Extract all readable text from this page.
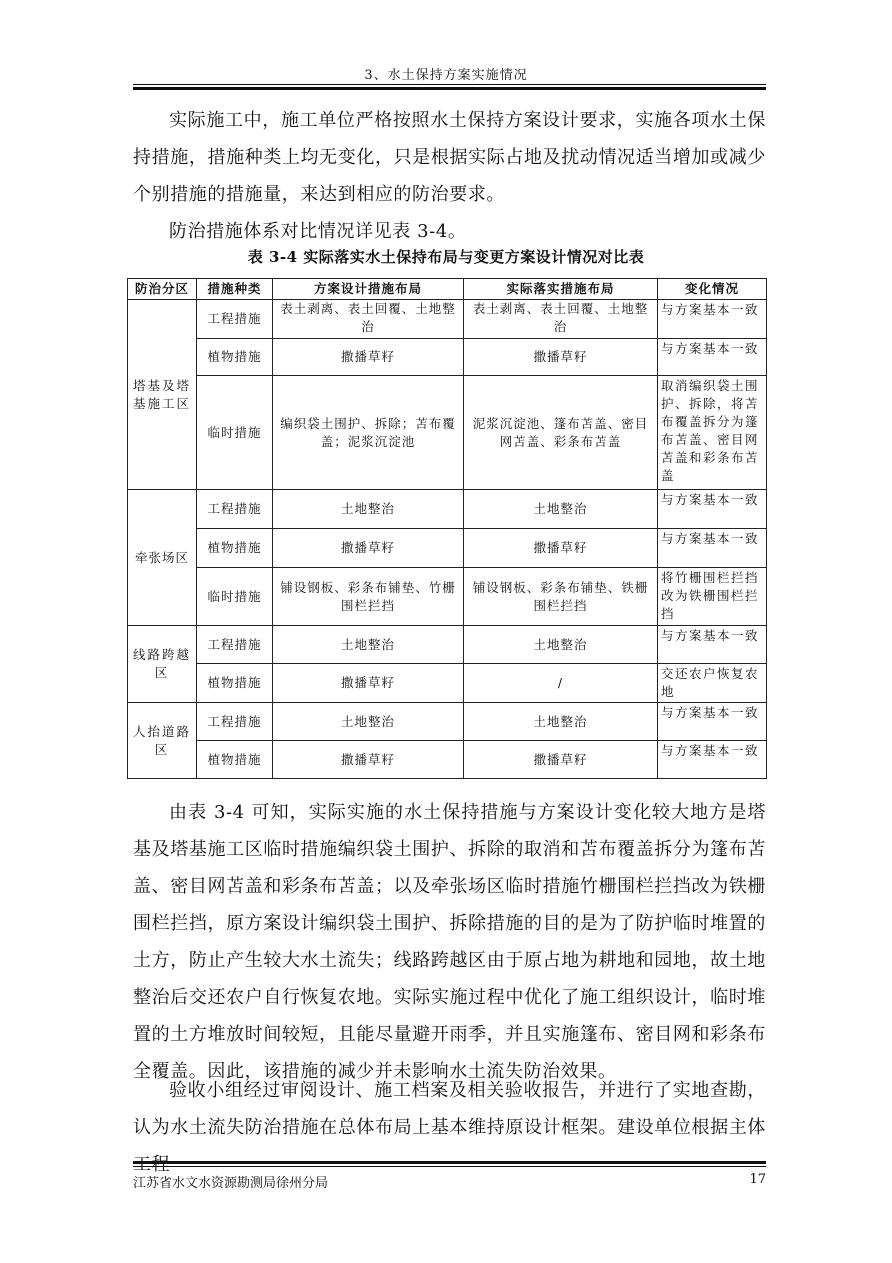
3、水土保持方案实施情况

实际施工中，施工单位严格按照水土保持方案设计要求，实施各项水土保持措施，措施种类上均无变化，只是根据实际占地及扰动情况适当增加或减少个别措施的措施量，来达到相应的防治要求。

防治措施体系对比情况详见表 3-4。

表 3-4 实际落实水土保持布局与变更方案设计情况对比表
防治分区	措施种类	方案设计措施布局	实际落实措施布局	变化情况
塔基及塔基施工区	工程措施	表土剥离、表土回覆、土地整治	表土剥离、表土回覆、土地整治	与方案基本一致
	植物措施	撒播草籽	撒播草籽	与方案基本一致
	临时措施	编织袋土围护、拆除；苫布覆盖；泥浆沉淀池	泥浆沉淀池、篷布苫盖、密目网苫盖、彩条布苫盖	取消编织袋土围护、拆除，将苫布覆盖拆分为篷布苫盖、密目网苫盖和彩条布苫盖
牵张场区	工程措施	土地整治	土地整治	与方案基本一致
	植物措施	撒播草籽	撒播草籽	与方案基本一致
	临时措施	铺设钢板、彩条布铺垫、竹栅围栏拦挡	铺设钢板、彩条布铺垫、铁栅围栏拦挡	将竹栅围栏拦挡改为铁栅围栏拦挡
线路跨越区	工程措施	土地整治	土地整治	与方案基本一致
	植物措施	撒播草籽	/	交还农户恢复农地
人抬道路区	工程措施	土地整治	土地整治	与方案基本一致
	植物措施	撒播草籽	撒播草籽	与方案基本一致

由表 3-4 可知，实际实施的水土保持措施与方案设计变化较大地方是塔基及塔基施工区临时措施编织袋土围护、拆除的取消和苫布覆盖拆分为篷布苫盖、密目网苫盖和彩条布苫盖；以及牵张场区临时措施竹栅围栏拦挡改为铁栅围栏拦挡，原方案设计编织袋土围护、拆除措施的目的是为了防护临时堆置的土方，防止产生较大水土流失；线路跨越区由于原占地为耕地和园地，故土地整治后交还农户自行恢复农地。实际实施过程中优化了施工组织设计，临时堆置的土方堆放时间较短，且能尽量避开雨季，并且实施篷布、密目网和彩条布全覆盖。因此，该措施的减少并未影响水土流失防治效果。

验收小组经过审阅设计、施工档案及相关验收报告，并进行了实地查勘，认为水土流失防治措施在总体布局上基本维持原设计框架。建设单位根据主体工程

江苏省水文水资源勘测局徐州分局	17
